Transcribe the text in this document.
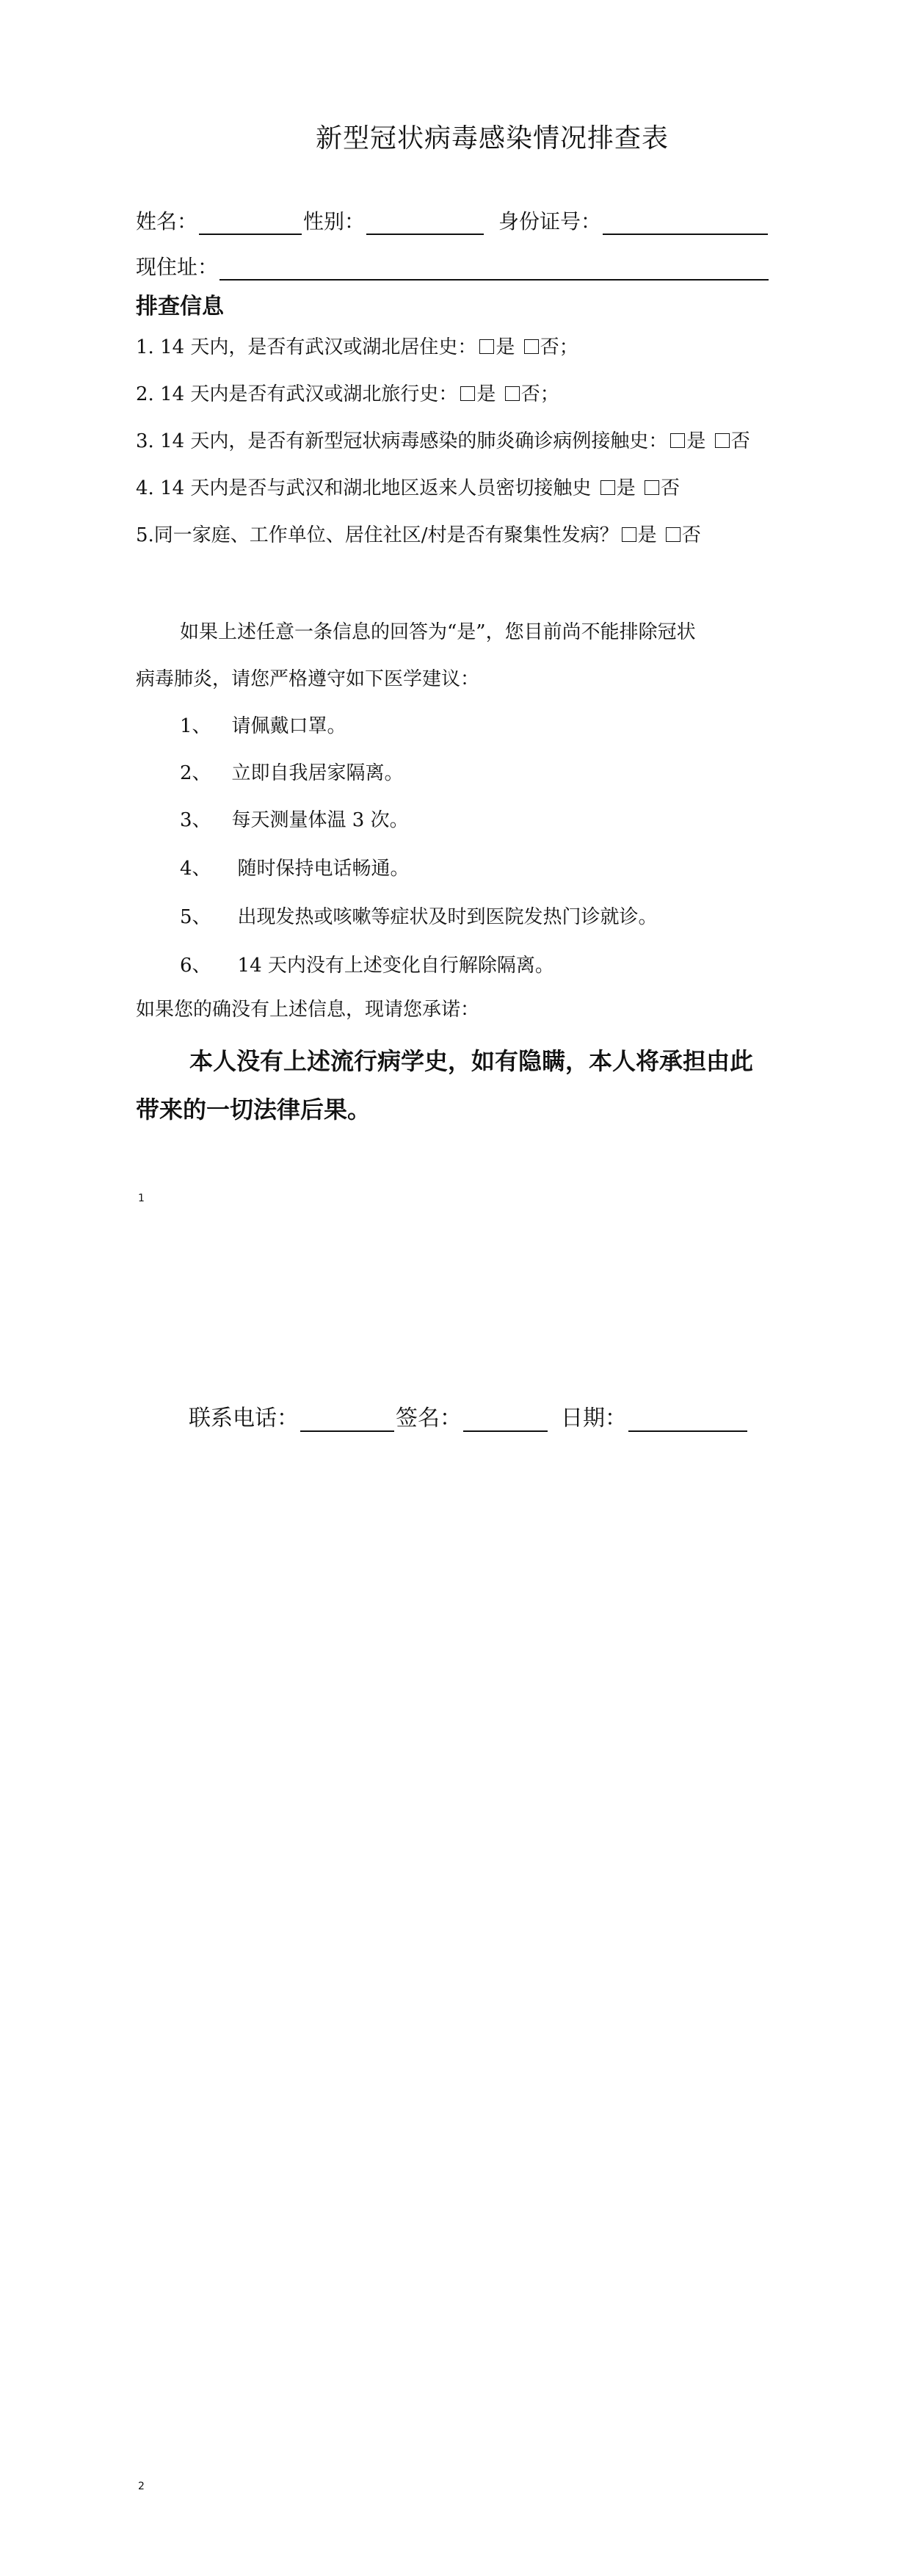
新型冠状病毒感染情况排查表
姓名：	性别：	身份证号：
现住址：
排查信息
1. 14 天内，是否有武汉或湖北居住史： 是 否；
2. 14 天内是否有武汉或湖北旅行史： 是 否；
3. 14 天内，是否有新型冠状病毒感染的肺炎确诊病例接触史： 是 否
4. 14 天内是否与武汉和湖北地区返来人员密切接触史 是 否
5.同一家庭、工作单位、居住社区/村是否有聚集性发病？ 是 否
如果上述任意一条信息的回答为“是”，您目前尚不能排除冠状
病毒肺炎，请您严格遵守如下医学建议：
1、 请佩戴口罩。
2、 立即自我居家隔离。
3、 每天测量体温 3 次。
4、 随时保持电话畅通。
5、 出现发热或咳嗽等症状及时到医院发热门诊就诊。
6、 14 天内没有上述变化自行解除隔离。
如果您的确没有上述信息，现请您承诺：
本人没有上述流行病学史，如有隐瞒，本人将承担由此
带来的一切法律后果。
1
联系电话：	签名：	日期：
2
